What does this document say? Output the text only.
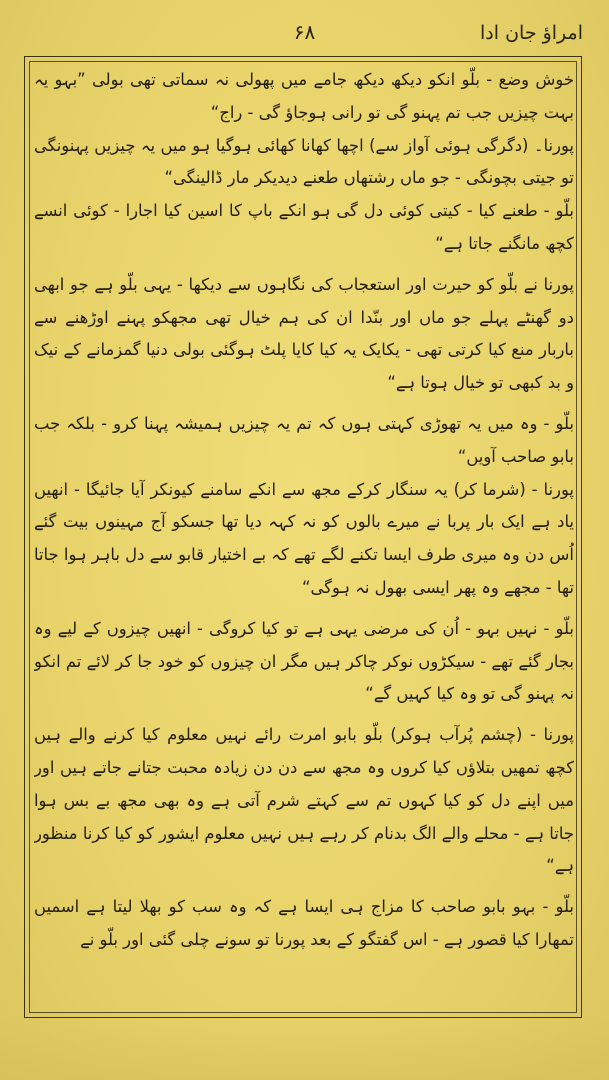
امراؤ جان ادا
۶۸

خوش وضع - بلّو انکو دیکھ دیکھ جامے میں پھولی نہ سماتی تھی بولی ”بہو یہ بہت چیزیں جب تم پہنو گی تو رانی ہوجاؤ گی - راج“

پورنا۔ (دگرگی ہوئی آواز سے) اچھا کھانا کھائی ہوگیا ہو میں یہ چیزیں پہنونگی تو جیتی بچونگی - جو ماں رشتھاں طعنے دیدیکر مار ڈالینگی“

بلّو - طعنے کیا - کیتی کوئی دل گی ہو انکے باپ کا اسین کیا اجارا - کوئی انسے کچھ مانگنے جاتا ہے“

پورنا نے بلّو کو حیرت اور استعجاب کی نگاہوں سے دیکھا - یہی بلّو ہے جو ابھی دو گھنٹے پہلے جو ماں اور بنّدا ان کی ہم خیال تھی مجھکو پہنے اوڑھنے سے باربار منع کیا کرتی تھی - یکایک یہ کیا کایا پلٹ ہوگئی بولی دنیا گمزمانے کے نیک و بد کبھی تو خیال ہوتا ہے“

بلّو - وہ میں یہ تھوڑی کہتی ہوں کہ تم یہ چیزیں ہمیشہ پہنا کرو - بلکہ جب بابو صاحب آویں“

پورنا - (شرما کر) یہ سنگار کرکے مجھ سے انکے سامنے کیونکر آیا جائیگا - انھیں یاد ہے ایک بار پربا نے میرے بالوں کو نہ کہہ دیا تھا جسکو آج مہینوں بیت گئے اُس دن وہ میری طرف ایسا تکنے لگے تھے کہ بے اختیار قابو سے دل باہر ہوا جاتا تھا - مجھے وہ پھر ایسی بھول نہ ہوگی“

بلّو - نہیں بہو - اُن کی مرضی یہی ہے تو کیا کروگی - انھیں چیزوں کے لیے وہ بجار گئے تھے - سیکڑوں نوکر چاکر ہیں مگر ان چیزوں کو خود جا کر لائے تم انکو نہ پہنو گی تو وہ کیا کہیں گے“

پورنا - (چشم پُرآب ہوکر) بلّو بابو امرت رائے نہیں معلوم کیا کرنے والے ہیں کچھ تمھیں بتلاؤں کیا کروں وہ مجھ سے دن دن زیادہ محبت جتانے جاتے ہیں اور میں اپنے دل کو کیا کہوں تم سے کہتے شرم آتی ہے وہ بھی مجھ بے بس ہوا جاتا ہے - محلے والے الگ بدنام کر رہے ہیں نہیں معلوم ایشور کو کیا کرنا منظور ہے“

بلّو - بہو بابو صاحب کا مزاج ہی ایسا ہے کہ وہ سب کو بھلا لیتا ہے اسمیں تمھارا کیا قصور ہے - اس گفتگو کے بعد پورنا تو سونے چلی گئی اور بلّو نے
